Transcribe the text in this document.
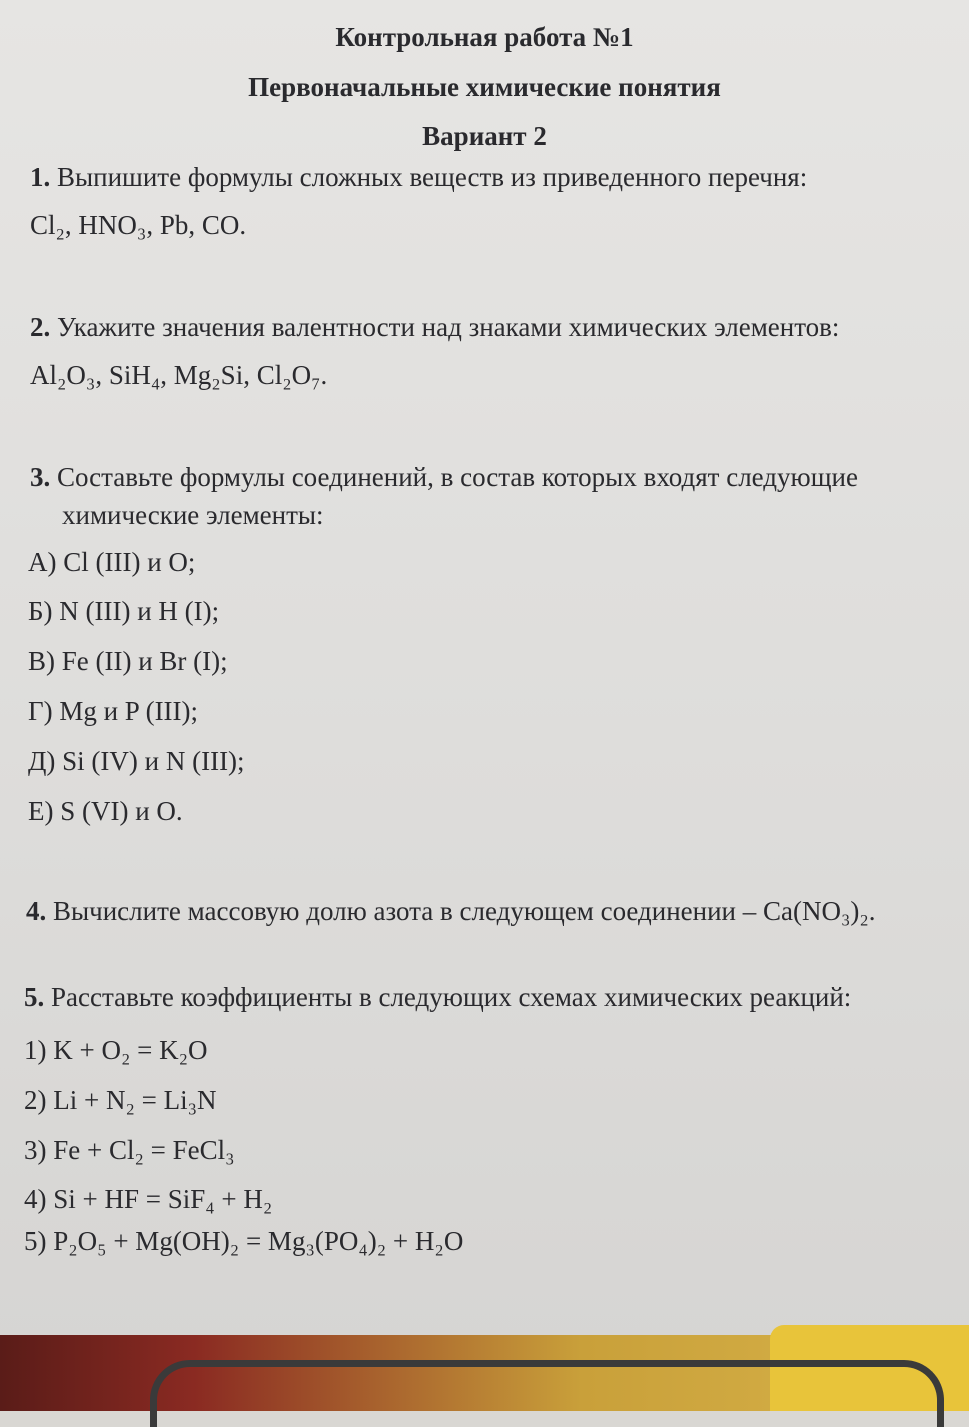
Контрольная работа №1
Первоначальные химические понятия
Вариант 2
1. Выпишите формулы сложных веществ из приведенного перечня:
Cl₂, HNO₃, Pb, CO.
2. Укажите значения валентности над знаками химических элементов:
Al₂O₃, SiH₄, Mg₂Si, Cl₂O₇.
3. Составьте формулы соединений, в состав которых входят следующие
химические элементы:
А) Cl (III) и O;
Б) N (III) и H (I);
В) Fe (II) и Br (I);
Г) Mg и P (III);
Д) Si (IV) и N (III);
Е) S (VI) и O.
4. Вычислите массовую долю азота в следующем соединении – Ca(NO₃)₂.
5. Расставьте коэффициенты в следующих схемах химических реакций:
1) K + O₂ = K₂O
2) Li + N₂ = Li₃N
3) Fe + Cl₂ = FeCl₃
4) Si + HF = SiF₄ + H₂
5) P₂O₅ + Mg(OH)₂ = Mg₃(PO₄)₂ + H₂O
